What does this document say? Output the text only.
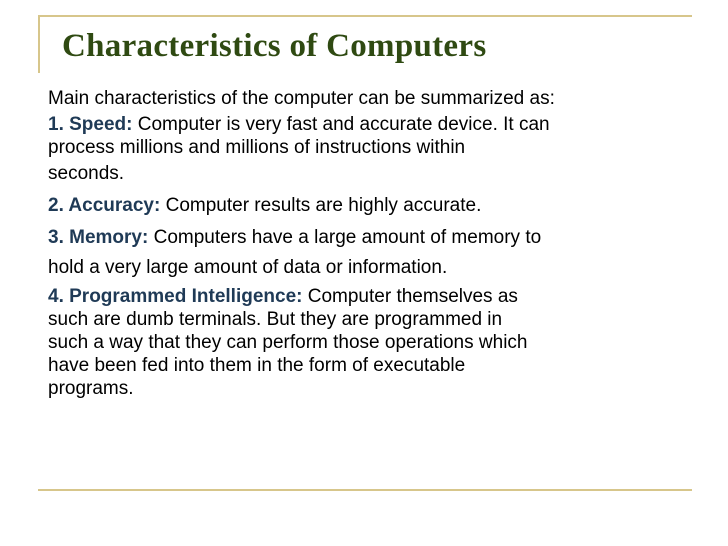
Characteristics of Computers

Main characteristics of the computer can be summarized as:

1. Speed: Computer is very fast and accurate device. It can
process millions and millions of instructions within
seconds.
2. Accuracy: Computer results are highly accurate.
3. Memory: Computers have a large amount of memory to
hold a very large amount of data or information.
4. Programmed Intelligence: Computer themselves as
such are dumb terminals. But they are programmed in
such a way that they can perform those operations which
have been fed into them in the form of executable
programs.
